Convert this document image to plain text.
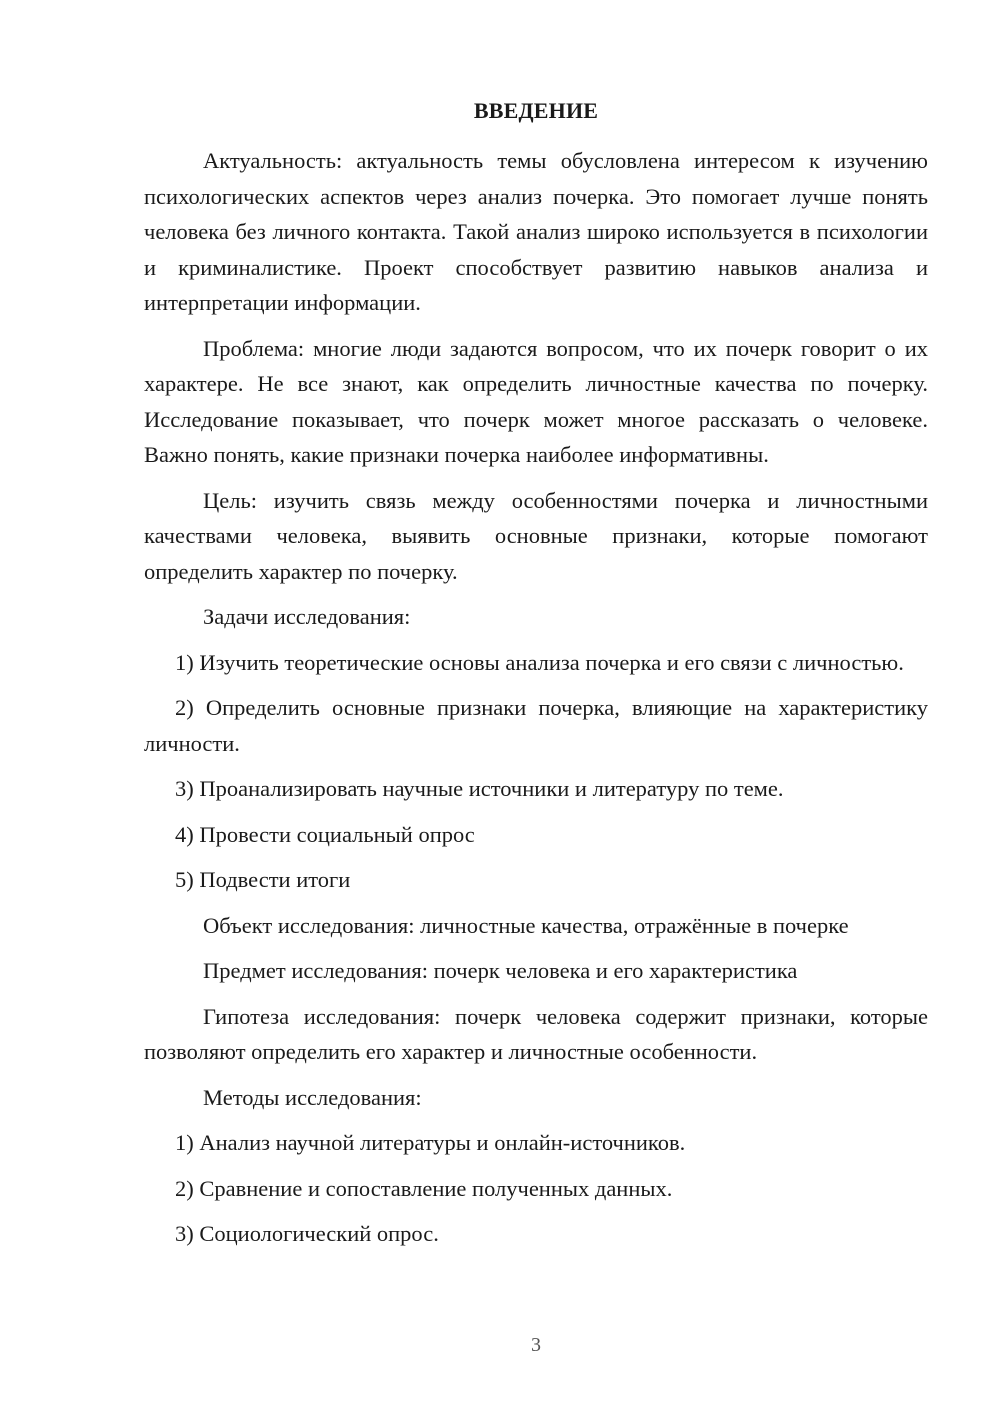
ВВЕДЕНИЕ

Актуальность: актуальность темы обусловлена интересом к изучению психологических аспектов через анализ почерка. Это помогает лучше понять человека без личного контакта. Такой анализ широко используется в психологии и криминалистике. Проект способствует развитию навыков анализа и интерпретации информации.

Проблема: многие люди задаются вопросом, что их почерк говорит о их характере. Не все знают, как определить личностные качества по почерку. Исследование показывает, что почерк может многое рассказать о человеке. Важно понять, какие признаки почерка наиболее информативны.

Цель: изучить связь между особенностями почерка и личностными качествами человека, выявить основные признаки, которые помогают определить характер по почерку.

Задачи исследования:

1) Изучить теоретические основы анализа почерка и его связи с личностью.

2) Определить основные признаки почерка, влияющие на характеристику личности.

3) Проанализировать научные источники и литературу по теме.

4) Провести социальный опрос

5) Подвести итоги

Объект исследования: личностные качества, отражённые в почерке

Предмет исследования: почерк человека и его характеристика

Гипотеза исследования: почерк человека содержит признаки, которые позволяют определить его характер и личностные особенности.

Методы исследования:

1) Анализ научной литературы и онлайн-источников.

2) Сравнение и сопоставление полученных данных.

3) Социологический опрос.

3
